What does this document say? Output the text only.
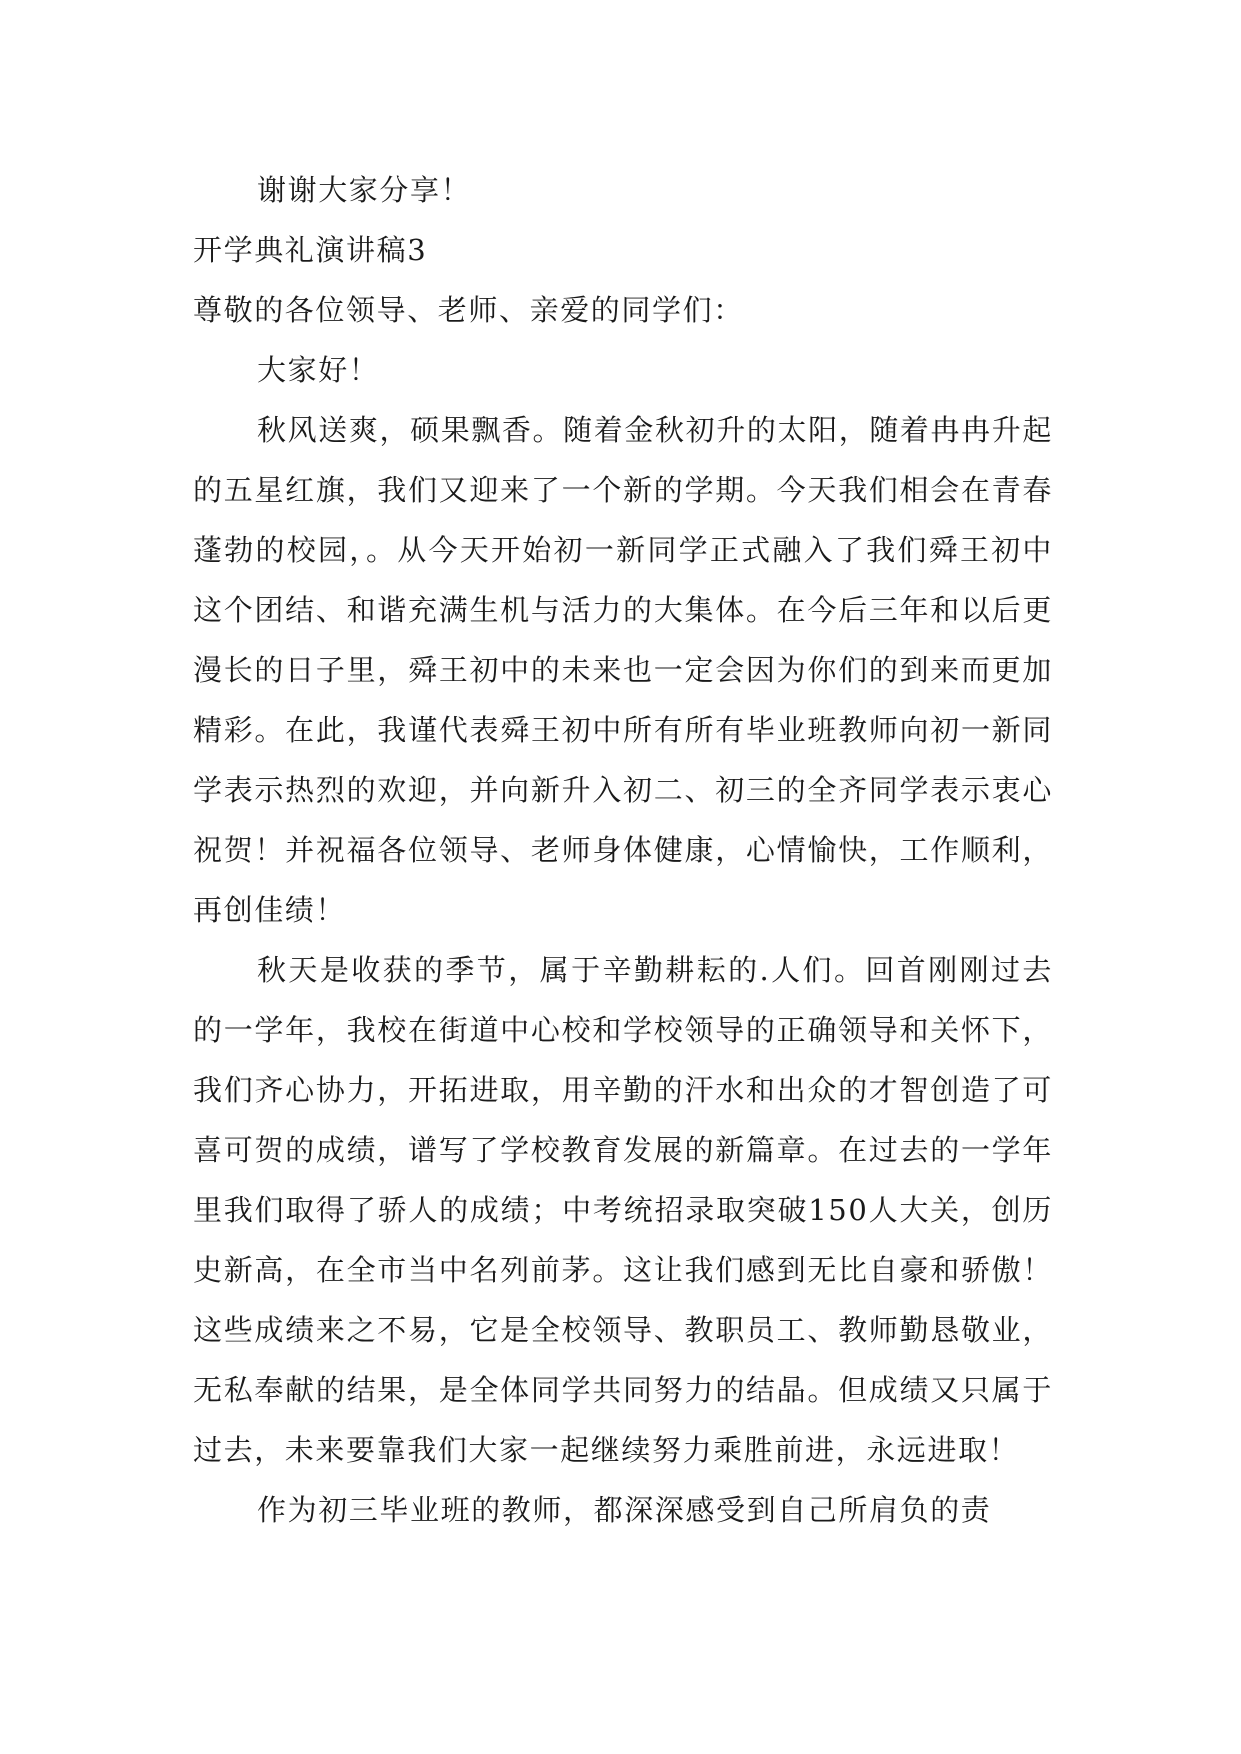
谢谢大家分享！

开学典礼演讲稿3

尊敬的各位领导、老师、亲爱的同学们：

大家好！

秋风送爽，硕果飘香。随着金秋初升的太阳，随着冉冉升起的五星红旗，我们又迎来了一个新的学期。今天我们相会在青春蓬勃的校园，。从今天开始初一新同学正式融入了我们舜王初中这个团结、和谐充满生机与活力的大集体。在今后三年和以后更漫长的日子里，舜王初中的未来也一定会因为你们的到来而更加精彩。在此，我谨代表舜王初中所有所有毕业班教师向初一新同学表示热烈的欢迎，并向新升入初二、初三的全齐同学表示衷心祝贺！并祝福各位领导、老师身体健康，心情愉快，工作顺利，再创佳绩！

秋天是收获的季节，属于辛勤耕耘的.人们。回首刚刚过去的一学年，我校在街道中心校和学校领导的正确领导和关怀下，我们齐心协力，开拓进取，用辛勤的汗水和出众的才智创造了可喜可贺的成绩，谱写了学校教育发展的新篇章。在过去的一学年里我们取得了骄人的成绩；中考统招录取突破150人大关，创历史新高，在全市当中名列前茅。这让我们感到无比自豪和骄傲！这些成绩来之不易，它是全校领导、教职员工、教师勤恳敬业，无私奉献的结果，是全体同学共同努力的结晶。但成绩又只属于过去，未来要靠我们大家一起继续努力乘胜前进，永远进取！

作为初三毕业班的教师，都深深感受到自己所肩负的责
